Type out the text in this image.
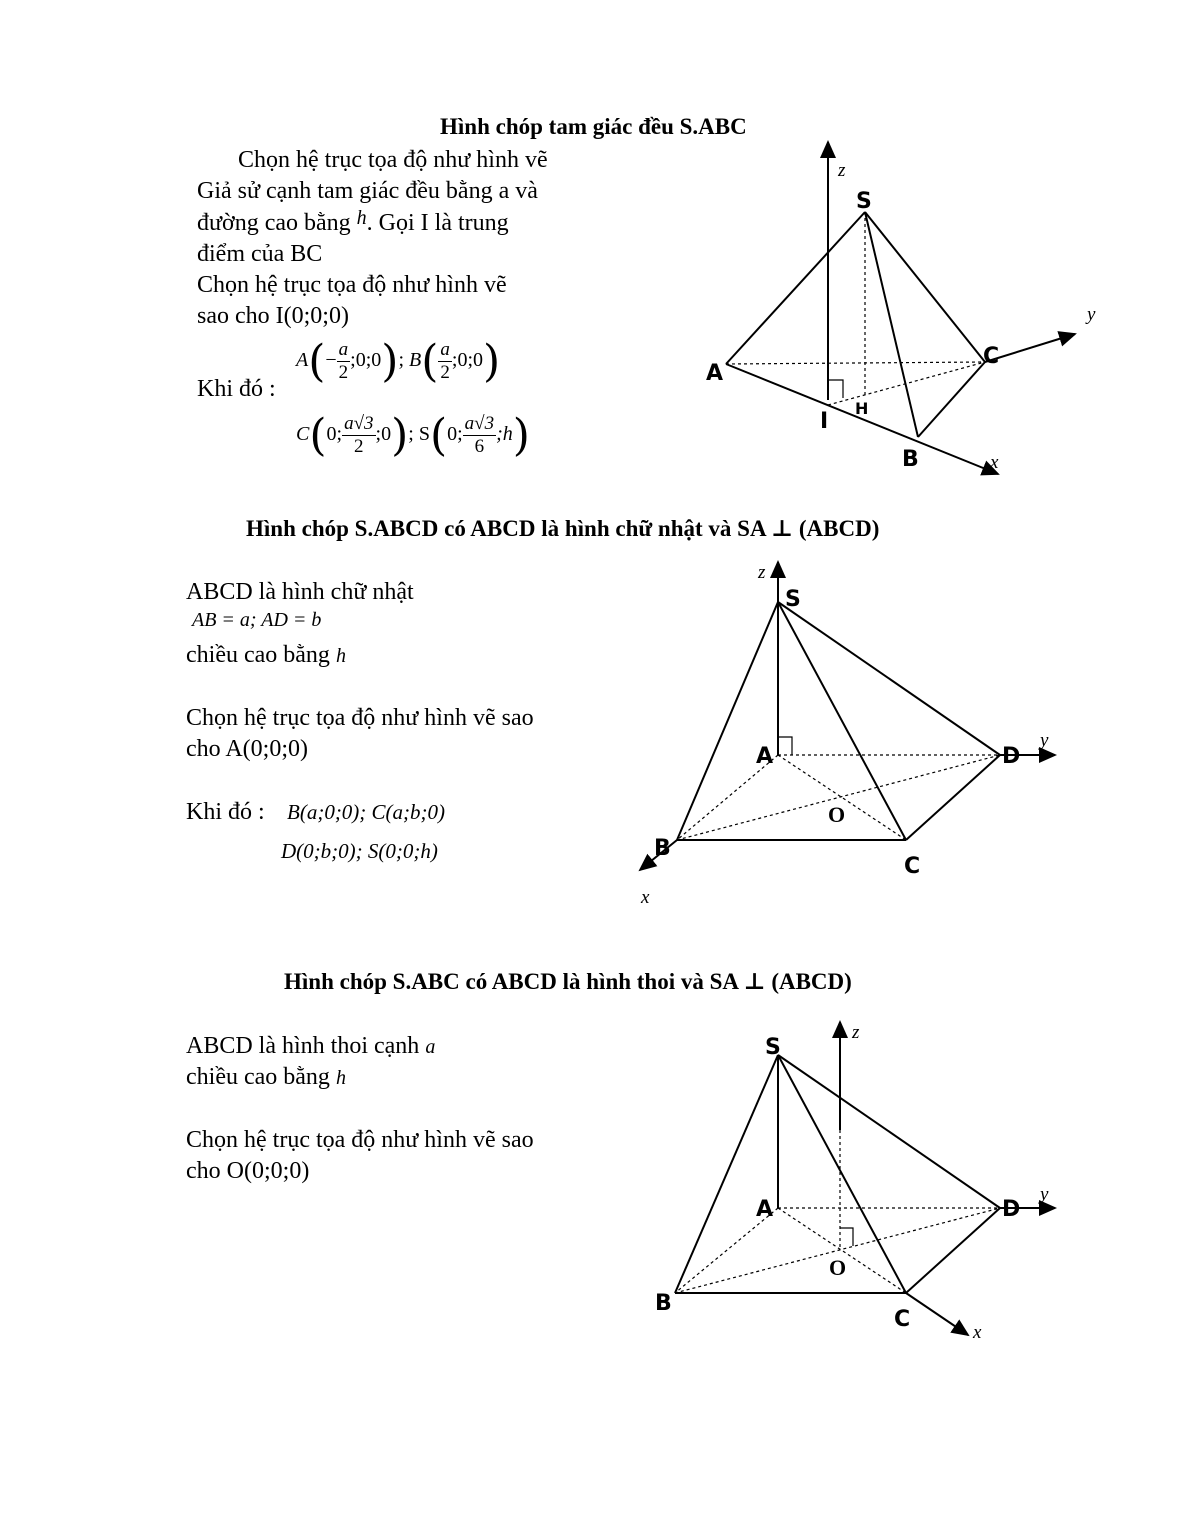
Hình chóp tam giác đều S.ABC
Chọn hệ trục tọa độ như hình vẽ
Giả sử cạnh tam giác đều bằng a và
đường cao bằng $^h$. Gọi I là trung
điểm của BC
Chọn hệ trục tọa độ như hình vẽ
sao cho I(0;0;0)
Khi đó :
$A(- \frac{a}{2}$ ;0;0); $B( \frac{a}{2}$ ;0;0)
C(0; $\frac{a√3}{2}$ ;0); S(0; $\frac{a√3}{6}$ ;h)
S
A
C
I
B
H
z
y
x
Hình chóp S.ABCD có ABCD là hình chữ nhật và SA ⊥ (ABCD)
ABCD là hình chữ nhật
AB = a; AD = b
chiều cao bằng h
Chọn hệ trục tọa độ như hình vẽ sao
cho A(0;0;0)
Khi đó : B(a;0;0); C(a;b;0)
D(0;b;0); S(0;0;h)
S
A	D
O
B
C
z
y
x
Hình chóp S.ABC có ABCD là hình thoi và SA ⊥ (ABCD)
ABCD là hình thoi cạnh a
chiều cao bằng h
Chọn hệ trục tọa độ như hình vẽ sao
cho O(0;0;0)
S
A	D
O
B
C
z
y
x
